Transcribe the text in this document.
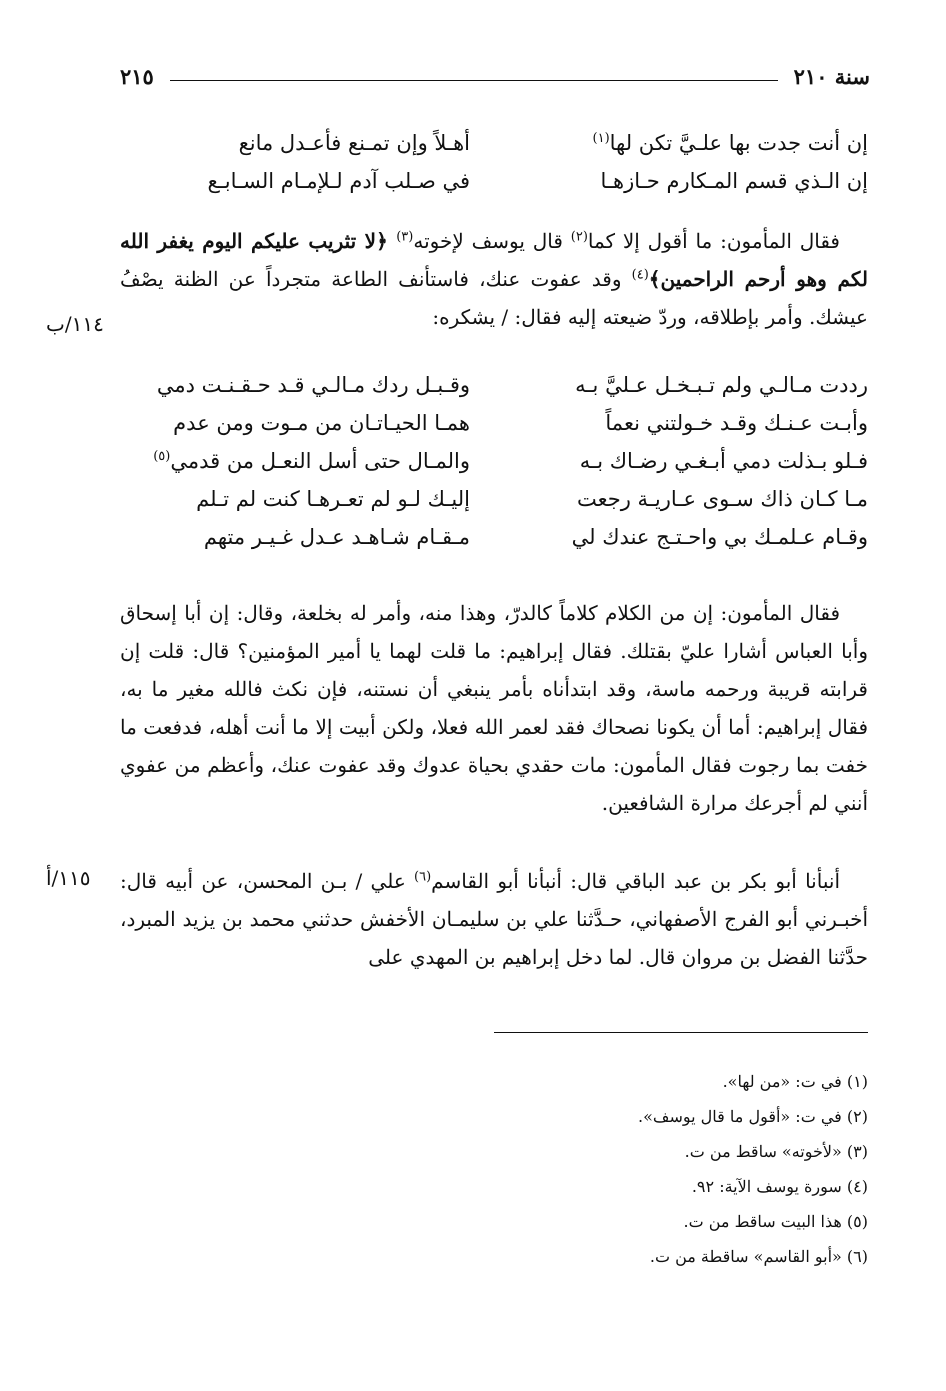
سنة ٢١٠
٢١٥
إن أنت جدت بها علـيَّ تكن لها$^{(١)}$
أهـلاً وإن تمـنع فأعـدل مانع
إن الـذي قسم المـكارم حـازهـا
في صـلب آدم لـلإمـام السـابـع

فقال المأمون: ما أقول إلا كما$^{(٢)}$ قال يوسف لإخوته$^{(٣)}$ ﴿لا تثريب عليكم اليوم يغفر الله لكم وهو أرحم الراحمين﴾$^{(٤)}$ وقد عفوت عنك، فاستأنف الطاعة متجرداً عن الظنة يصْفُ عيشك. وأمر بإطلاقه، وردّ ضيعته إليه فقال: / يشكره:

١١٤/ب
رددت مـالـي ولم تـبـخـل عـليَّ بـه
وقـبـل ردك مـالـي قـد حـقـنـت دمي
وأبـت عـنـك وقـد خـولتني نعماً
همـا الحيـاتـان من مـوت ومن عدم
فـلو بـذلت دمي أبـغـي رضـاك بـه
والمـال حتى أسل النعـل من قدمي$^{(٥)}$
مـا كـان ذاك سـوى عـاريـة رجعت
إليـك لـو لم تعـرهـا كنت لم تـلم
وقـام عـلمـك بي واحـتـج عندك لي
مـقـام شـاهـد عـدل غـيـر متهم

فقال المأمون: إن من الكلام كلاماً كالدرّ، وهذا منه، وأمر له بخلعة، وقال: إن أبا إسحاق وأبا العباس أشارا عليّ بقتلك. فقال إبراهيم: ما قلت لهما يا أمير المؤمنين؟ قال: قلت إن قرابته قريبة ورحمه ماسة، وقد ابتدأناه بأمر ينبغي أن نستنه، فإن نكث فالله مغير ما به، فقال إبراهيم: أما أن يكونا نصحاك فقد لعمر الله فعلا، ولكن أبيت إلا ما أنت أهله، فدفعت ما خفت بما رجوت فقال المأمون: مات حقدي بحياة عدوك وقد عفوت عنك، وأعظم من عفوي أنني لم أجرعك مرارة الشافعين.

أنبأنا أبو بكر بن عبد الباقي قال: أنبأنا أبو القاسم$^{(٦)}$ علي / بـن المحسن، عن أبيه قال: أخبـرني أبو الفرج الأصفهاني، حـدَّثنا علي بن سليمـان الأخفش حدثني محمد بن يزيد المبرد، حدَّثنا الفضل بن مروان قال. لما دخل إبراهيم بن المهدي على

١١٥/أ
(١) في ت: «من لها».
(٢) في ت: «أقول ما قال يوسف».
(٣) «لأخوته» ساقط من ت.
(٤) سورة يوسف الآية: ٩٢.
(٥) هذا البيت ساقط من ت.
(٦) «أبو القاسم» ساقطة من ت.
